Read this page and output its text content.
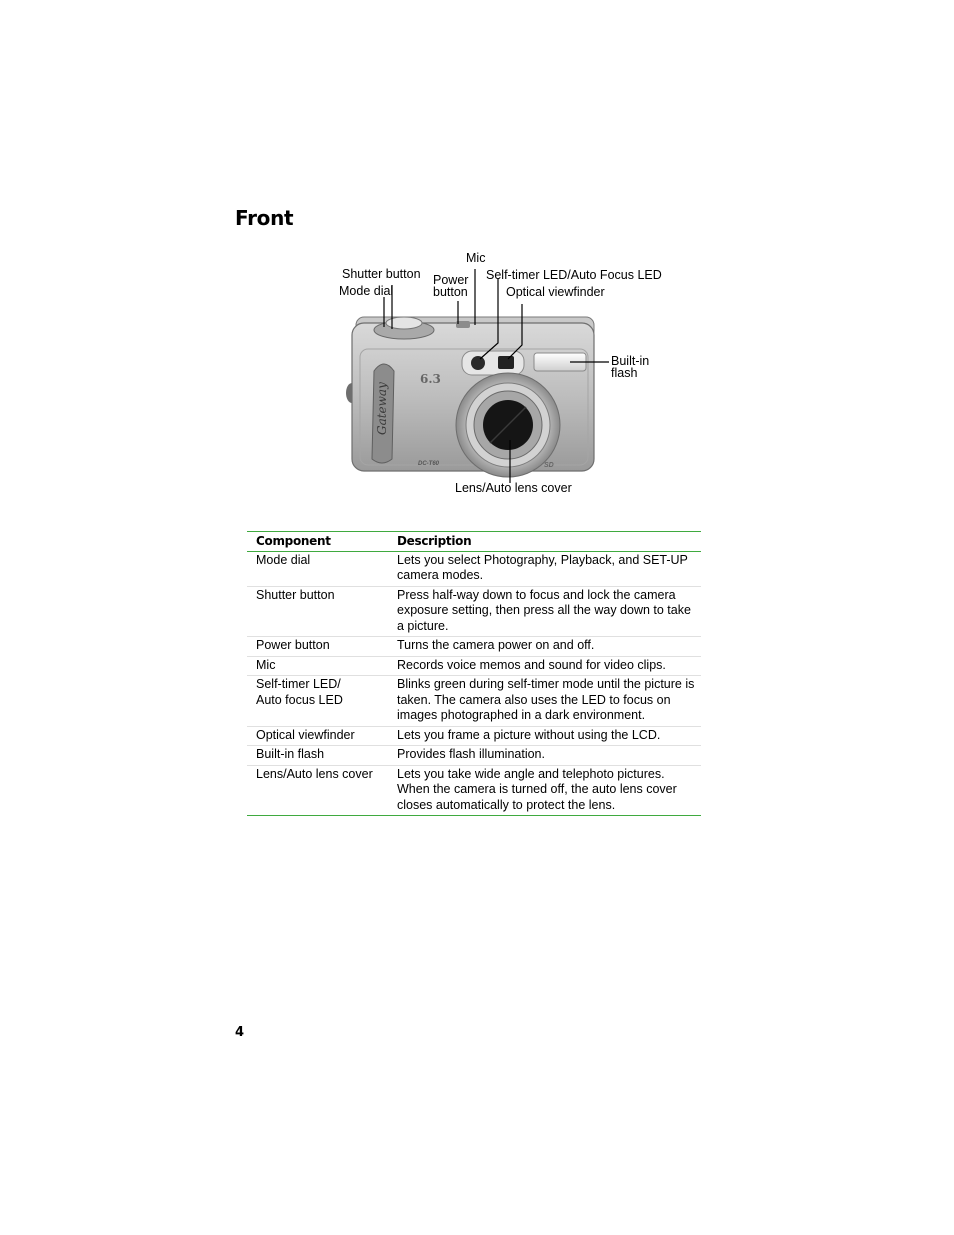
Front
Gateway
6.3
DC-T60	SD
Mic
Shutter button Power
button
Self-timer LED/Auto Focus LED
Mode dial	Optical viewfinder
Built-in
flash
Lens/Auto lens cover
Component	Description
Mode dial	Lets you select Photography, Playback, and SET-UP camera modes.
Shutter button	Press half-way down to focus and lock the camera exposure setting, then press all the way down to take a picture.
Power button	Turns the camera power on and off.
Mic	Records voice memos and sound for video clips.
Self-timer LED/
Auto focus LED	Blinks green during self-timer mode until the picture is taken. The camera also uses the LED to focus on images photographed in a dark environment.
Optical viewfinder	Lets you frame a picture without using the LCD.
Built-in flash	Provides flash illumination.
Lens/Auto lens cover	Lets you take wide angle and telephoto pictures. When the camera is turned off, the auto lens cover closes automatically to protect the lens.
4
